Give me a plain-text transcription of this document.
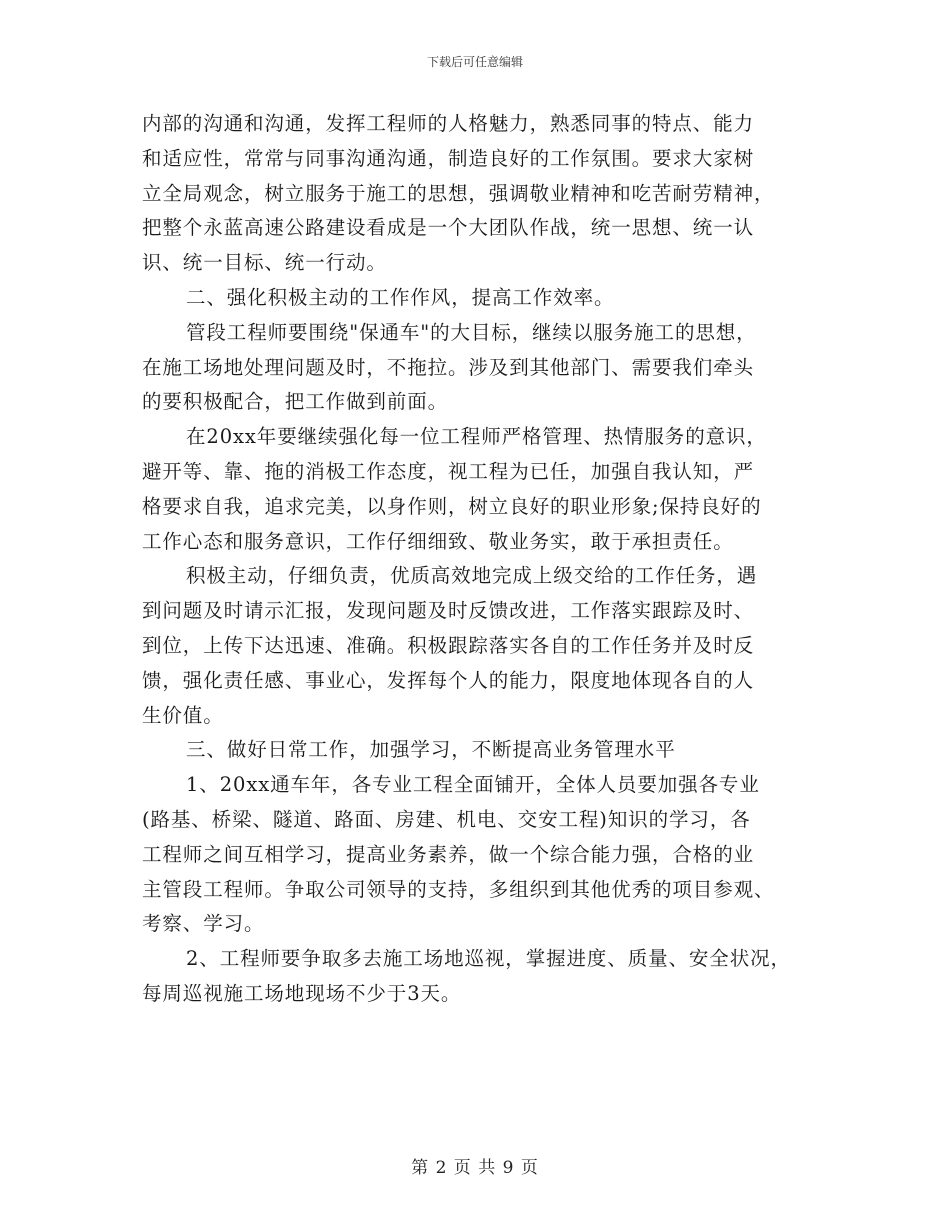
下载后可任意编辑
内部的沟通和沟通，发挥工程师的人格魅力，熟悉同事的特点、能力
和适应性，常常与同事沟通沟通，制造良好的工作氛围。要求大家树
立全局观念，树立服务于施工的思想，强调敬业精神和吃苦耐劳精神，
把整个永蓝高速公路建设看成是一个大团队作战，统一思想、统一认
识、统一目标、统一行动。
二、强化积极主动的工作作风，提高工作效率。
管段工程师要围绕"保通车"的大目标，继续以服务施工的思想，
在施工场地处理问题及时，不拖拉。涉及到其他部门、需要我们牵头
的要积极配合，把工作做到前面。
在20xx年要继续强化每一位工程师严格管理、热情服务的意识，
避开等、靠、拖的消极工作态度，视工程为已任，加强自我认知，严
格要求自我，追求完美，以身作则，树立良好的职业形象;保持良好的
工作心态和服务意识，工作仔细细致、敬业务实，敢于承担责任。
积极主动，仔细负责，优质高效地完成上级交给的工作任务，遇
到问题及时请示汇报，发现问题及时反馈改进，工作落实跟踪及时、
到位，上传下达迅速、准确。积极跟踪落实各自的工作任务并及时反
馈，强化责任感、事业心，发挥每个人的能力，限度地体现各自的人
生价值。
三、做好日常工作，加强学习，不断提高业务管理水平
1、20xx通车年，各专业工程全面铺开，全体人员要加强各专业
(路基、桥梁、隧道、路面、房建、机电、交安工程)知识的学习，各
工程师之间互相学习，提高业务素养，做一个综合能力强，合格的业
主管段工程师。争取公司领导的支持，多组织到其他优秀的项目参观、
考察、学习。
2、工程师要争取多去施工场地巡视，掌握进度、质量、安全状况，
每周巡视施工场地现场不少于3天。
第 2 页 共 9 页
